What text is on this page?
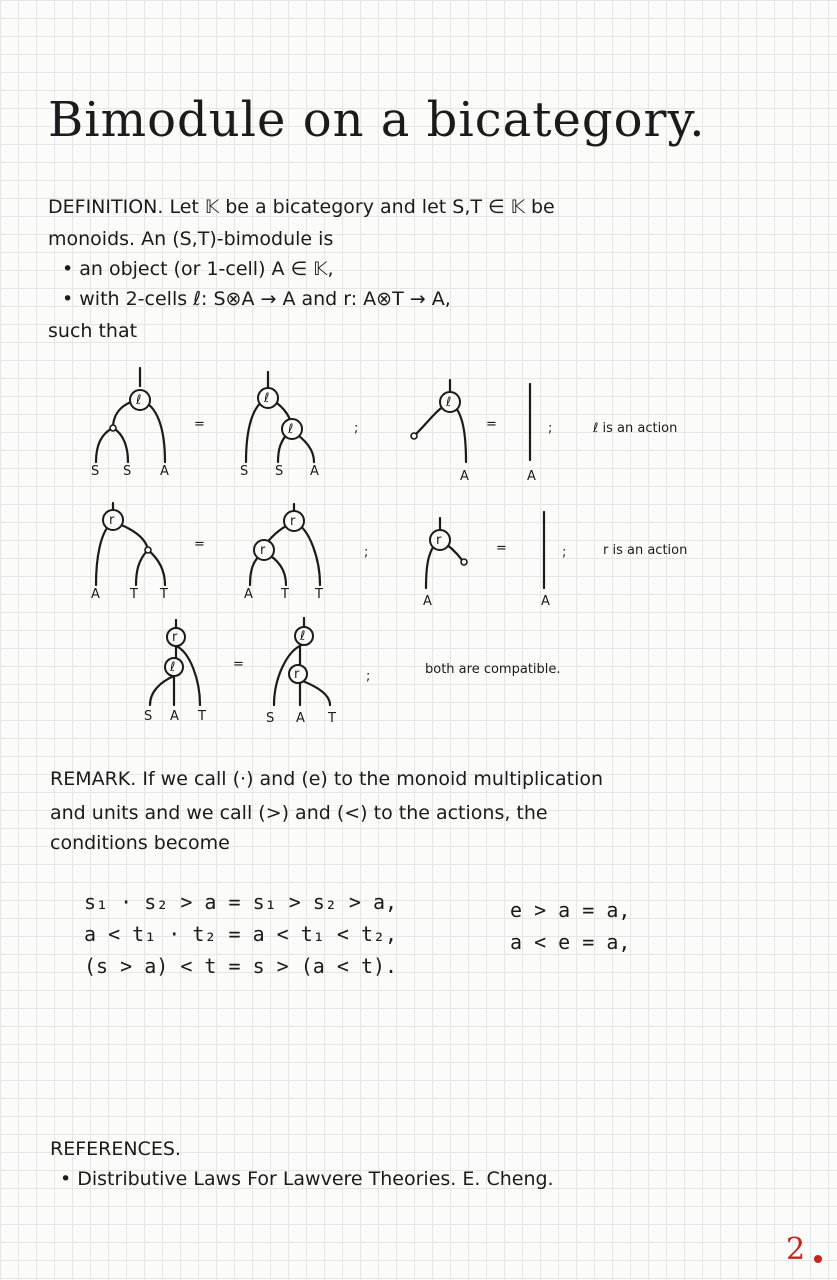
Bimodule on a bicategory.
DEFINITION. Let 𝕂 be a bicategory and let S,T ∈ 𝕂 be
monoids. An (S,T)-bimodule is
• an object (or 1-cell) A ∈ 𝕂,
• with 2-cells ℓ: S⊗A → A and r: A⊗T → A,
such that
ℓ
S S A
=
ℓ
ℓ
S S A
;
ℓ
A
=
A
;	ℓ is an action
r
A T T
=
r
r
A T T
;
r
A
=
A
;	r is an action
r
ℓ
S A T
=
ℓ
r
S A T
;	both are compatible.
REMARK. If we call (·) and (e) to the monoid multiplication
and units and we call (>) and (<) to the actions, the
conditions become
s₁ · s₂ > a = s₁ > s₂ > a,
a < t₁ · t₂ = a < t₁ < t₂,
(s > a) < t = s > (a < t).
e > a = a,
a < e = a,
REFERENCES.
• Distributive Laws For Lawvere Theories. E. Cheng.
2
